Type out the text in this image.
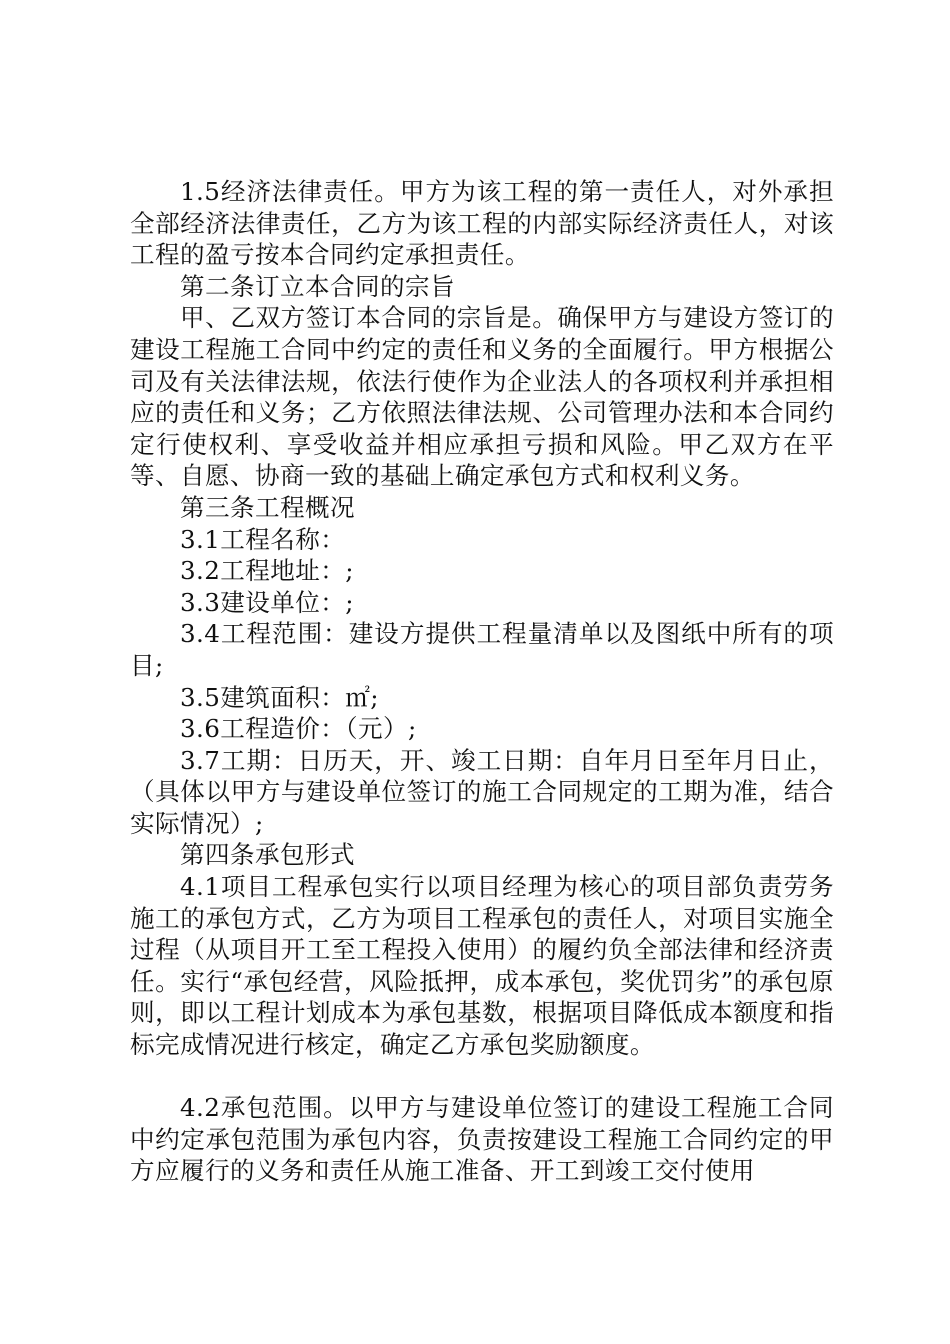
1.5经济法律责任。甲方为该工程的第一责任人，对外承担全部经济法律责任，乙方为该工程的内部实际经济责任人，对该工程的盈亏按本合同约定承担责任。

第二条订立本合同的宗旨

甲、乙双方签订本合同的宗旨是。确保甲方与建设方签订的建设工程施工合同中约定的责任和义务的全面履行。甲方根据公司及有关法律法规，依法行使作为企业法人的各项权利并承担相应的责任和义务；乙方依照法律法规、公司管理办法和本合同约定行使权利、享受收益并相应承担亏损和风险。甲乙双方在平等、自愿、协商一致的基础上确定承包方式和权利义务。

第三条工程概况

3.1工程名称：

3.2工程地址：;

3.3建设单位：;

3.4工程范围：建设方提供工程量清单以及图纸中所有的项目;

3.5建筑面积：㎡;

3.6工程造价：（元）;

3.7工期：日历天，开、竣工日期：自年月日至年月日止，（具体以甲方与建设单位签订的施工合同规定的工期为准，结合实际情况）;

第四条承包形式

4.1项目工程承包实行以项目经理为核心的项目部负责劳务施工的承包方式，乙方为项目工程承包的责任人，对项目实施全过程（从项目开工至工程投入使用）的履约负全部法律和经济责任。实行“承包经营，风险抵押，成本承包，奖优罚劣”的承包原则，即以工程计划成本为承包基数，根据项目降低成本额度和指标完成情况进行核定，确定乙方承包奖励额度。

4.2承包范围。以甲方与建设单位签订的建设工程施工合同中约定承包范围为承包内容，负责按建设工程施工合同约定的甲方应履行的义务和责任从施工准备、开工到竣工交付使用
